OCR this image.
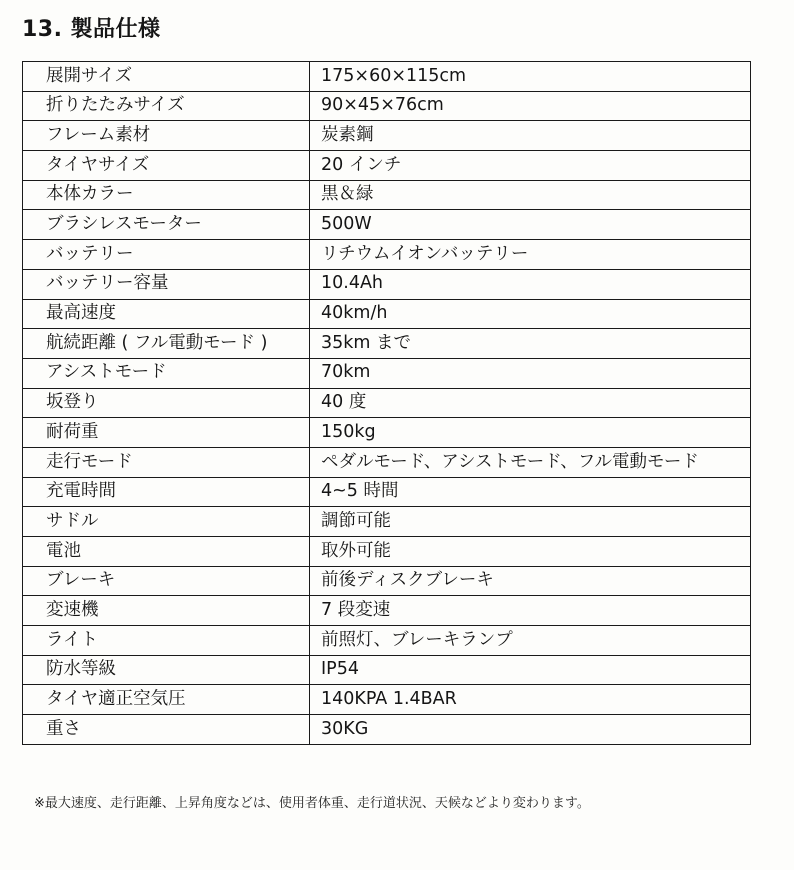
13. 製品仕様
展開サイズ	175×60×115cm
折りたたみサイズ	90×45×76cm
フレーム素材	炭素鋼
タイヤサイズ	20 インチ
本体カラー	黒＆緑
ブラシレスモーター	500W
バッテリー	リチウムイオンバッテリー
バッテリー容量	10.4Ah
最高速度	40km/h
航続距離 ( フル電動モード )	35km まで
アシストモード	70km
坂登り	40 度
耐荷重	150kg
走行モード	ペダルモード、アシストモード、フル電動モード
充電時間	4~5 時間
サドル	調節可能
電池	取外可能
ブレーキ	前後ディスクブレーキ
変速機	7 段変速
ライト	前照灯、ブレーキランプ
防水等級	IP54
タイヤ適正空気圧	140KPA 1.4BAR
重さ	30KG
※最大速度、走行距離、上昇角度などは、使用者体重、走行道状況、天候などより変わります。
